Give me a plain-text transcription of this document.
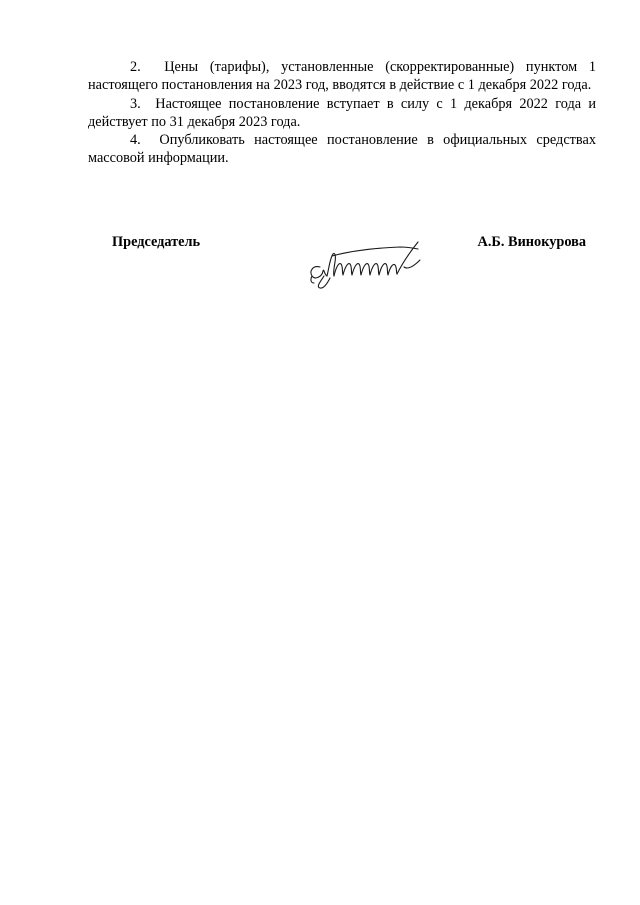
2. Цены (тарифы), установленные (скорректированные) пунктом 1 настоящего постановления на 2023 год, вводятся в действие с 1 декабря 2022 года.

3. Настоящее постановление вступает в силу с 1 декабря 2022 года и действует по 31 декабря 2023 года.

4. Опубликовать настоящее постановление в официальных средствах массовой информации.

Председатель	А.Б. Винокурова
